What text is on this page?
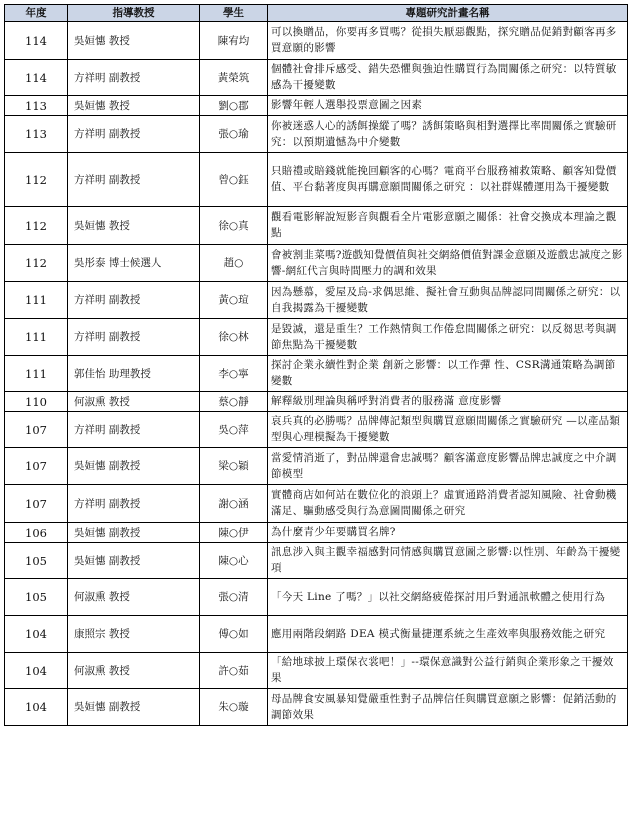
年度	指導教授	學生	專題研究計畫名稱
114	吳姮憓 教授	陳宥均	可以換贈品，你要再多買嗎？從損失厭惡觀點，探究贈品促銷對顧客再多買意願的影響
114	方祥明 副教授	黃榮筑	個體社會排斥感受、錯失恐懼與強迫性購買行為間關係之研究：以特質敏感為干擾變數
113	吳姮憓 教授	劉○郡	影響年輕人選舉投票意圖之因素
113	方祥明 副教授	張○瑜	你被迷惑人心的誘餌操縱了嗎？誘餌策略與相對選擇比率間關係之實驗研究：以預期遺憾為中介變數
112	方祥明 副教授	曾○鈺	只賠禮或賠錢就能挽回顧客的心嗎？電商平台服務補救策略、顧客知覺價值、平台黏著度與再購意願間關係之研究 ：以社群媒體運用為干擾變數
112	吳姮憓 教授	徐○真	觀看電影解說短影音與觀看全片電影意願之關係：社會交換成本理論之觀點
112	吳彤泰 博士候選人	趙○	會被割韭菜嗎?遊戲知覺價值與社交網絡價值對課金意願及遊戲忠誠度之影響-網紅代言與時間壓力的調和效果
111	方祥明 副教授	黃○瑄	因為懸慕，愛屋及烏-求偶思維、擬社會互動與品牌認同間關係之研究：以自我揭露為干擾變數
111	方祥明 副教授	徐○林	是毀滅，還是重生？工作熱情與工作倦怠間關係之研究：以反芻思考與調節焦點為干擾變數
111	郭佳怡 助理教授	李○寧	探討企業永續性對企業 創新之影響：以工作彈 性、CSR溝通策略為調節 變數
110	何淑熏 教授	蔡○靜	解釋級別理論與稱呼對消費者的服務滿 意度影響
107	方祥明 副教授	吳○萍	哀兵真的必勝嗎？品牌傳記類型與購買意願間關係之實驗研究 —以產品類型與心理模擬為干擾變數
107	吳姮憓 副教授	梁○穎	當愛情消逝了，對品牌還會忠誠嗎？顧客滿意度影響品牌忠誠度之中介調節模型
107	方祥明 副教授	謝○涵	實體商店如何站在數位化的浪頭上？虛實通路消費者認知風險、社會動機滿足、驅動感受與行為意圖間關係之研究
106	吳姮憓 副教授	陳○伊	為什麼青少年要購買名牌?
105	吳姮憓 副教授	陳○心	訊息涉入與主觀幸福感對同情感與購買意圖之影響:以性別、年齡為干擾變項
105	何淑熏 教授	張○清	「今天 Line 了嗎？」以社交網絡疲倦探討用戶對通訊軟體之使用行為
104	康照宗 教授	傅○如	應用兩階段網路 DEA 模式衡量捷運系統之生產效率與服務效能之研究
104	何淑熏 教授	許○茹	「給地球披上環保衣裳吧！」--環保意識對公益行銷與企業形象之干擾效果
104	吳姮憓 副教授	朱○璇	母品牌食安風暴知覺嚴重性對子品牌信任與購買意願之影響：促銷活動的調節效果
